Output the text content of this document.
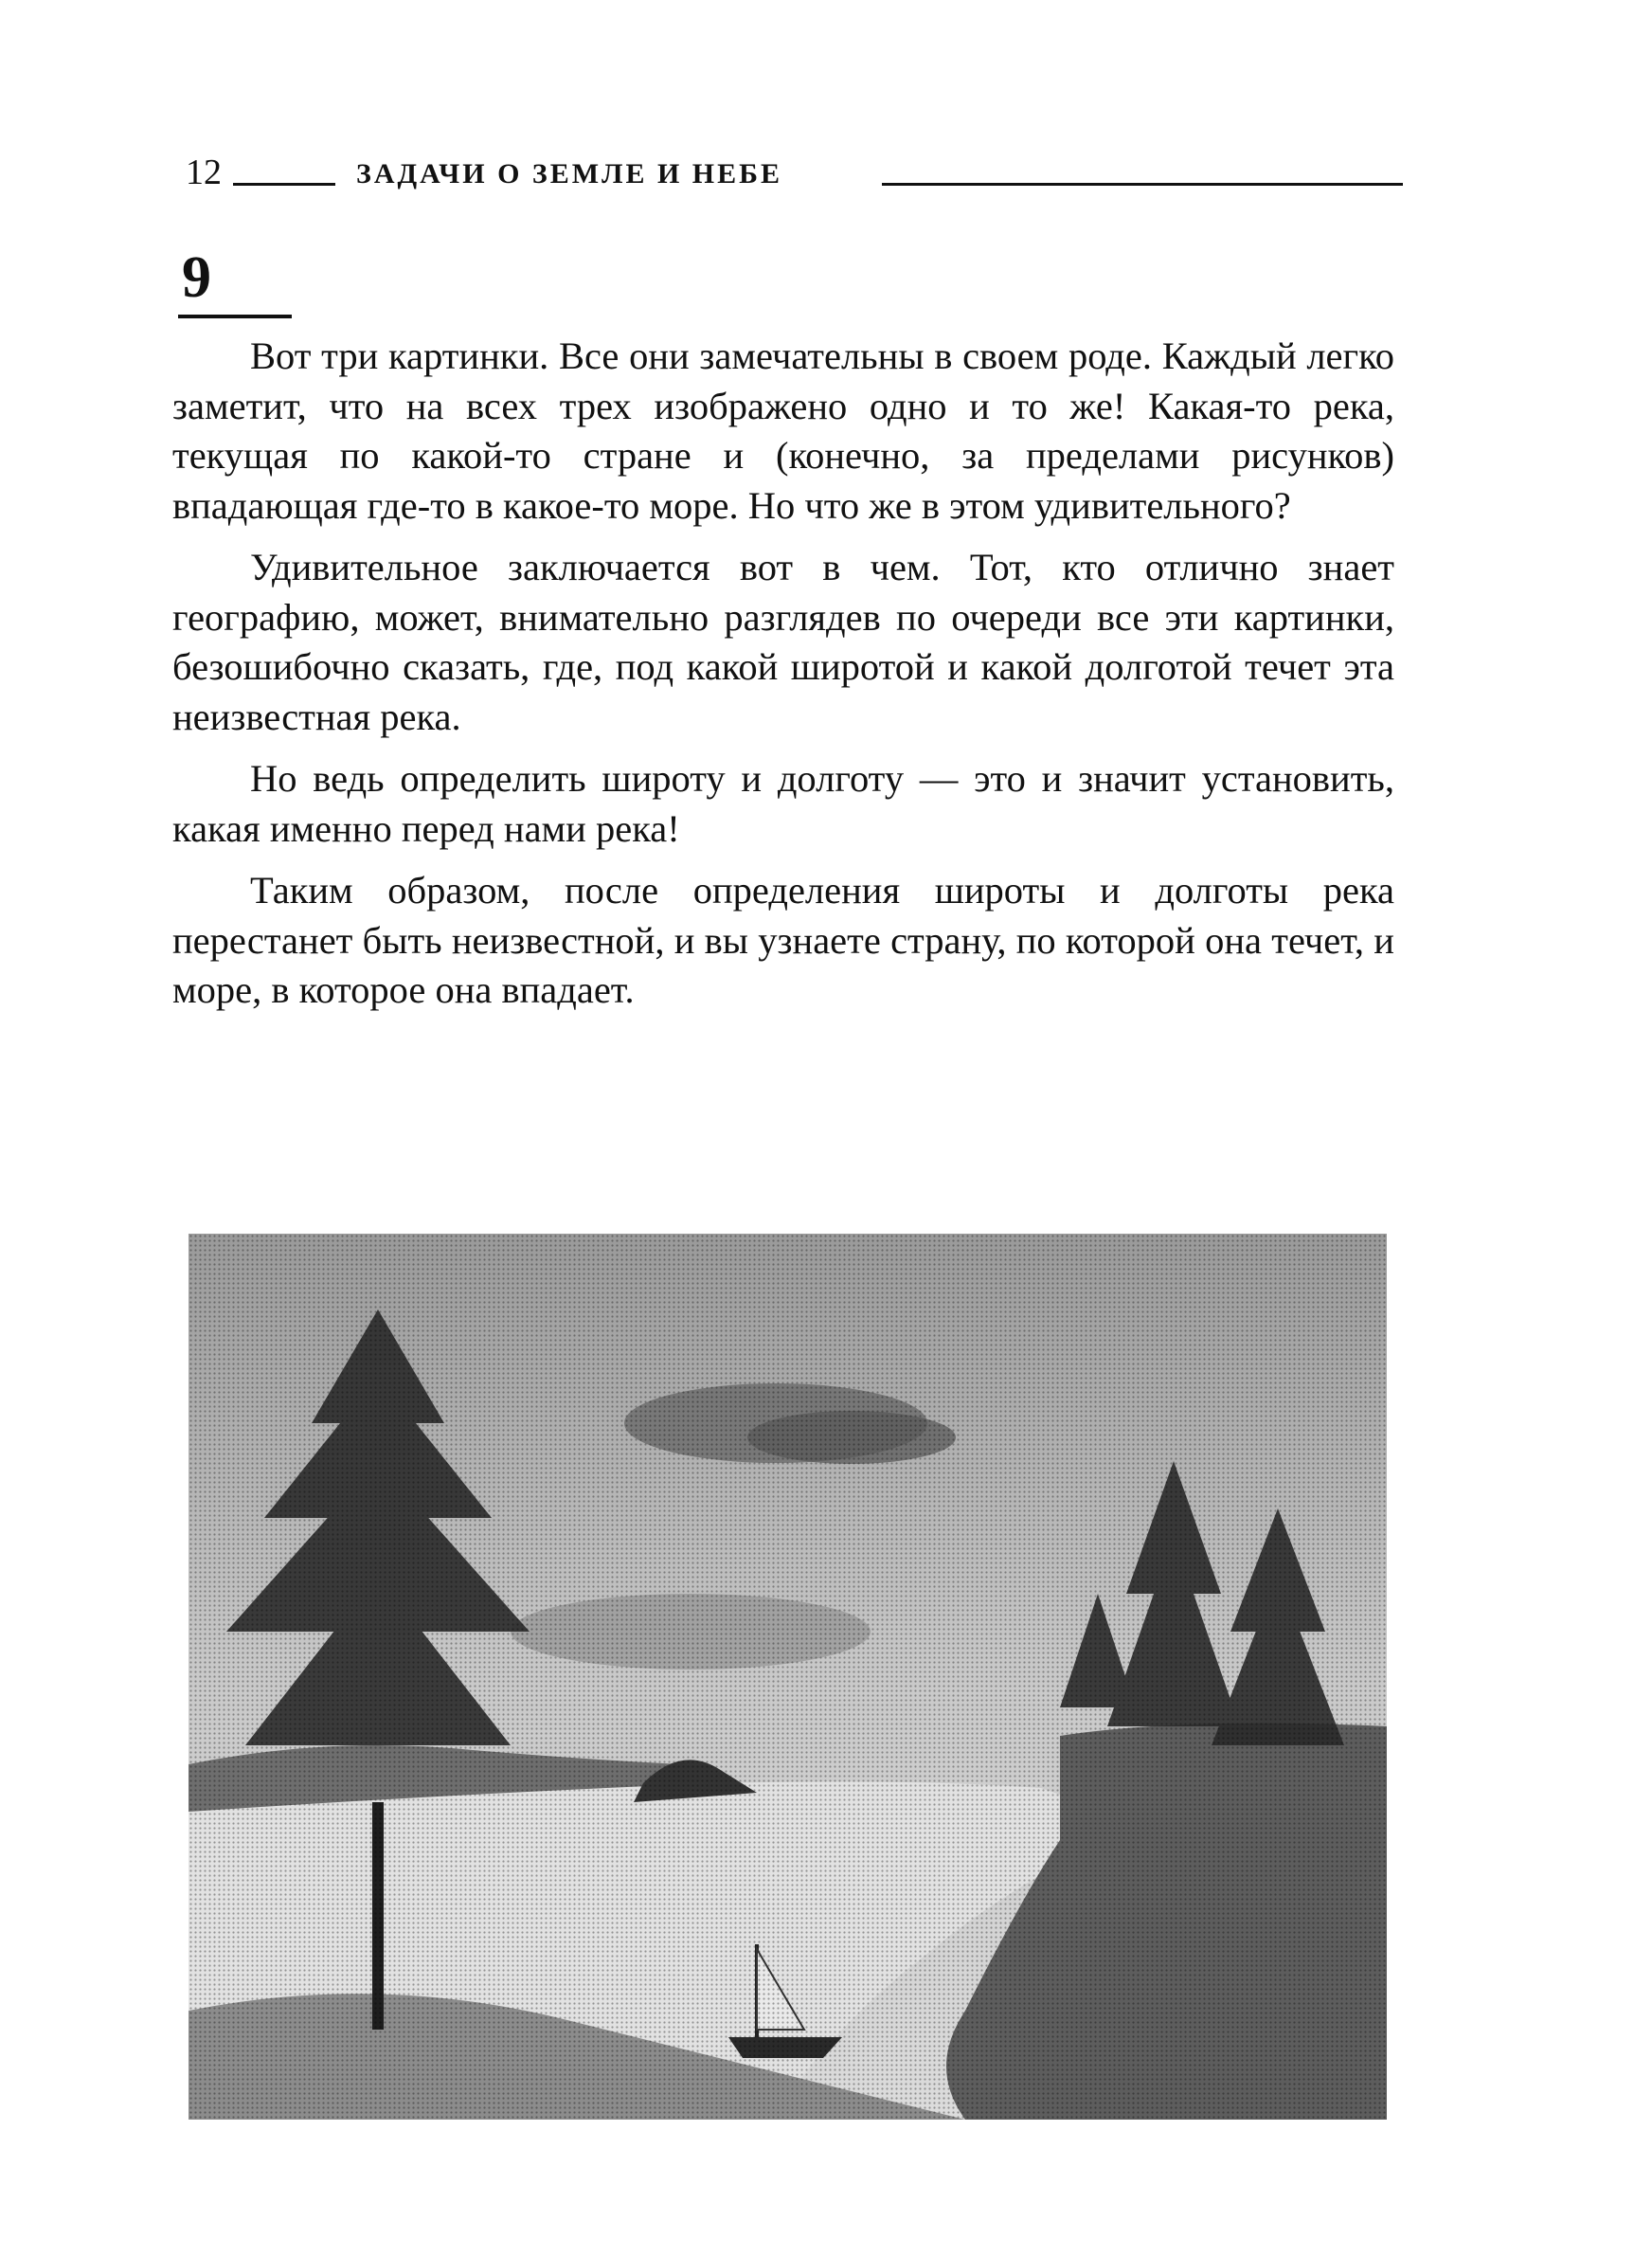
12	ЗАДАЧИ О ЗЕМЛЕ И НЕБЕ
9

Вот три картинки. Все они замечательны в своем роде. Каждый легко заметит, что на всех трех изображено одно и то же! Какая-то река, текущая по какой-то стране и (конечно, за пределами рисунков) впадающая где-то в какое-то море. Но что же в этом удивительного?

Удивительное заключается вот в чем. Тот, кто отлично знает географию, может, внимательно разглядев по очереди все эти картинки, безошибочно сказать, где, под какой широтой и какой долготой течет эта неизвестная река.

Но ведь определить широту и долготу — это и значит установить, какая именно перед нами река!

Таким образом, после определения широты и долготы река перестанет быть неизвестной, и вы узнаете страну, по которой она течет, и море, в которое она впадает.
